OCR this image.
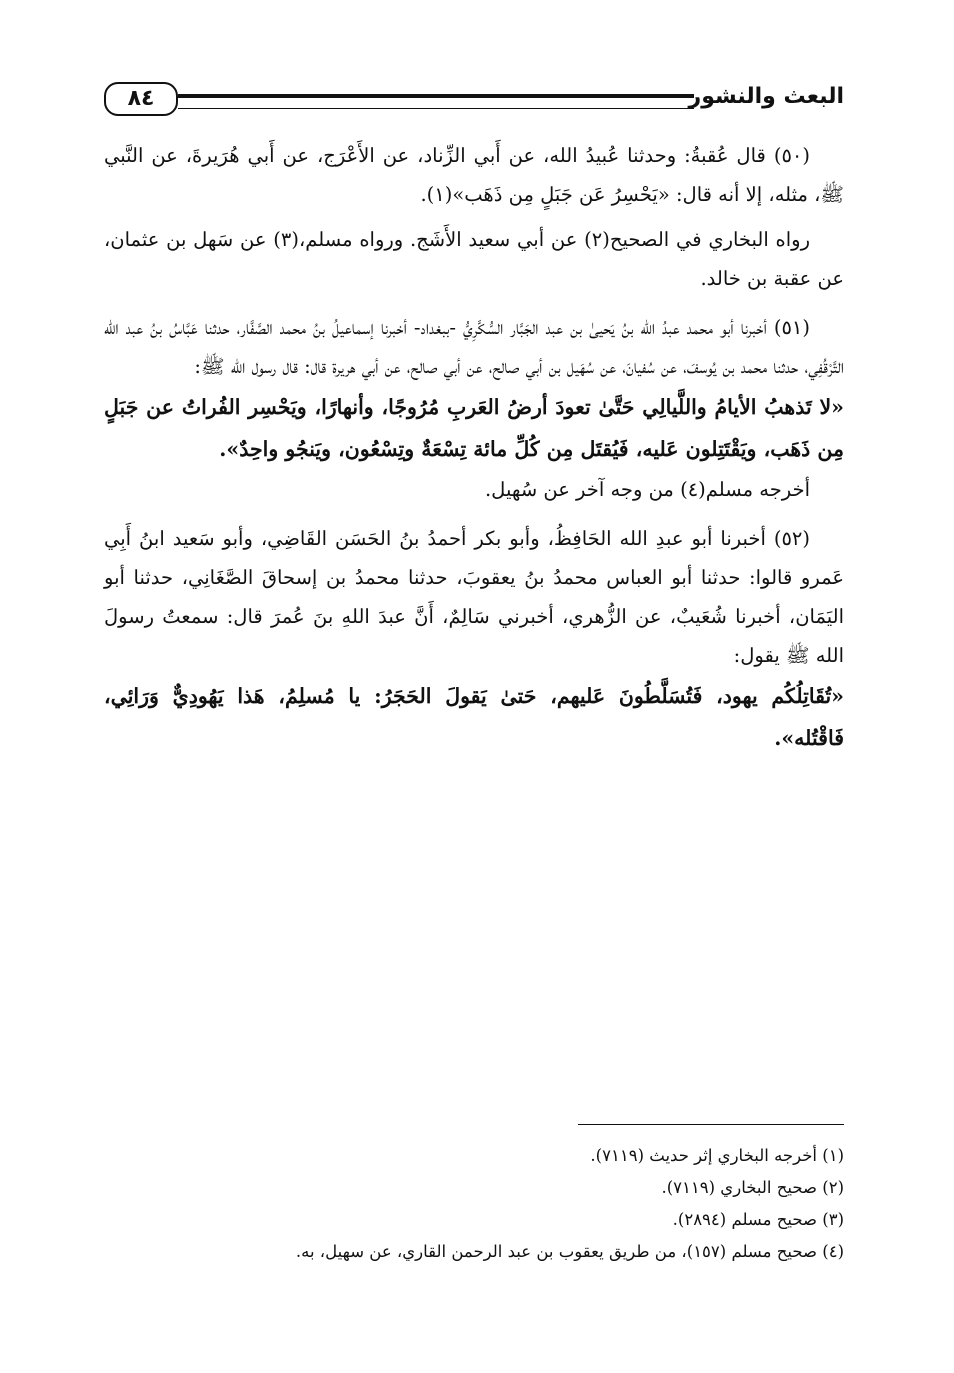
البعث والنشور
٨٤

(٥٠) قال عُقبةُ: وحدثنا عُبيدُ الله، عن أَبي الزِّناد، عن الأَعْرَج، عن أَبي هُرَيرةَ، عن النَّبي ﷺ، مثله، إلا أنه قال: «يَحْسِرُ عَن جَبَلٍ مِن ذَهَب»(١).

رواه البخاري في الصحيح(٢) عن أبي سعيد الأَشَج. ورواه مسلم،(٣) عن سَهل بن عثمان، عن عقبة بن خالد.

(٥١) أخبرنا أبو محمد عبدُ الله بنُ يَحيىٰ بن عبد الجَبَّار السُّكَّرِيُّ -ببغداد- أخبرنا إسماعيلُ بنُ محمد الصَّفَّار، حدثنا عَبَّاسُ بنُ عبد الله التَّرْقُفِي، حدثنا محمد بن يُوسفَ، عن سُفيانَ، عن سُهَيل بن أبي صالح، عن أبي صالح، عن أبي هريرة قال: قال رسول الله ﷺ:

«لا تَذهبُ الأيامُ واللَّيالِي حَتَّىٰ تعودَ أرضُ العَربِ مُرُوجًا، وأنهارًا، ويَحْسِر الفُراتُ عن جَبَلٍ مِن ذَهَب، ويَقْتَتِلون عَليه، فَيُقتَل مِن كُلِّ مائة تِسْعَةٌ وتِسْعُون، ويَنجُو واحِدٌ».

أخرجه مسلم(٤) من وجه آخر عن سُهيل.

(٥٢) أخبرنا أبو عبدِ الله الحَافِظُ، وأبو بكر أحمدُ بنُ الحَسَن القَاضِي، وأبو سَعيد ابنُ أَبِي عَمرو قالوا: حدثنا أبو العباس محمدُ بنُ يعقوبَ، حدثنا محمدُ بن إسحاقَ الصَّغَانِي، حدثنا أبو اليَمَان، أخبرنا شُعَيبٌ، عن الزُّهري، أخبرني سَالِمٌ، أَنَّ عبدَ اللهِ بنَ عُمرَ قال: سمعتُ رسولَ الله ﷺ يقول:

«تُقَاتِلُكُم يهود، فَتُسَلَّطُونَ عَليهم، حَتىٰ يَقولَ الحَجَرُ: يا مُسلِمُ، هَذا يَهُودِيٌّ وَرَائِي، فَاقْتُله».

(١) أخرجه البخاري إثر حديث (٧١١٩).

(٢) صحيح البخاري (٧١١٩).

(٣) صحيح مسلم (٢٨٩٤).

(٤) صحيح مسلم (١٥٧)، من طريق يعقوب بن عبد الرحمن القاري، عن سهيل، به.
